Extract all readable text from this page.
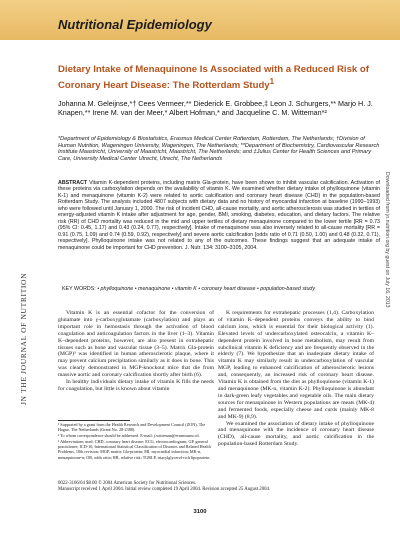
Nutritional Epidemiology
Dietary Intake of Menaquinone Is Associated with a Reduced Risk of Coronary Heart Disease: The Rotterdam Study$^1$
Johanna M. Geleijnse,*† Cees Vermeer,** Diederick E. Grobbee,‡ Leon J. Schurgers,** Marjo H. J. Knapen,** Irene M. van der Meer,* Albert Hofman,* and Jacqueline C. M. Witteman*²
*Department of Epidemiology & Biostatistics, Erasmus Medical Center Rotterdam, Rotterdam, The Netherlands; †Division of Human Nutrition, Wageningen University, Wageningen, The Netherlands; **Department of Biochemistry, Cardiovascular Research Institute Maastricht, University of Maastricht, Maastricht, The Netherlands; and ‡Julius Center for Health Sciences and Primary Care, University Medical Center Utrecht, Utrecht, The Netherlands
ABSTRACT Vitamin K-dependent proteins, including matrix Gla-protein, have been shown to inhibit vascular calcification. Activation of these proteins via carboxylation depends on the availability of vitamin K. We examined whether dietary intake of phylloquinone (vitamin K-1) and menaquinone (vitamin K-2) were related to aortic calcification and coronary heart disease (CHD) in the population-based Rotterdam Study. The analysis included 4807 subjects with dietary data and no history of myocardial infarction at baseline (1990–1993) who were followed until January 1, 2000. The risk of incident CHD, all-cause mortality, and aortic atherosclerosis was studied in tertiles of energy-adjusted vitamin K intake after adjustment for age, gender, BMI, smoking, diabetes, education, and dietary factors. The relative risk (RR) of CHD mortality was reduced in the mid and upper tertiles of dietary menaquinone compared to the lower tertile [RR = 0.73 (95% CI: 0.45, 1.17) and 0.43 (0.24, 0.77), respectively]. Intake of menaquinone was also inversely related to all-cause mortality [RR = 0.91 (0.75, 1.09) and 0.74 (0.59, 0.92), respectively] and severe aortic calcification [odds ratio of 0.71 (0.50, 1.00) and 0.48 (0.32, 0.71), respectively]. Phylloquinone intake was not related to any of the outcomes. These findings suggest that an adequate intake of menaquinone could be important for CHD prevention. J. Nutr. 134: 3100–3105, 2004.
KEY WORDS: • phylloquinone • menaquinone • vitamin K • coronary heart disease • population-based study

Vitamin K is an essential cofactor for the conversion of glutamate into γ-carboxyglutamate (carboxylation) and plays an important role in hemostasis through the activation of blood coagulation and anticoagulation factors in the liver (1–3). Vitamin K–dependent proteins, however, are also present in extrahepatic tissues such as bone and vascular tissue (3–5). Matrix Gla-protein (MGP)³ was identified in human atherosclerotic plaque, where it may prevent calcium precipitation similarly as it does in bone. This was clearly demonstrated in MGP-knockout mice that die from massive aortic and coronary calcification shortly after birth (6).

In healthy individuals dietary intake of vitamin K fills the needs for coagulation, but little is known about vitamin

K requirements for extrahepatic processes (1,4). Carboxylation of vitamin K–dependent proteins conveys the ability to bind calcium ions, which is essential for their biological activity (1). Elevated levels of undercarboxylated osteocalcin, a vitamin K–dependent protein involved in bone metabolism, may result from subclinical vitamin K deficiency and are frequently observed in the elderly (7). We hypothesize that an inadequate dietary intake of vitamin K may similarly result in undercarboxylation of vascular MGP, leading to enhanced calcification of atherosclerotic lesions and, consequently, an increased risk of coronary heart disease. Vitamin K is obtained from the diet as phylloquinone (vitamin K-1) and menaquinone (MK-n, vitamin K-2). Phylloquinone is abundant in dark-green leafy vegetables and vegetable oils. The main dietary sources for menaquinone in Western populations are meats (MK-4) and fermented foods, especially cheese and curds (mainly MK-8 and MK-9) (8,9).

We examined the association of dietary intake of phylloquinone and menaquinone with the incidence of coronary heart disease (CHD), all-cause mortality, and aortic calcification in the population-based Rotterdam Study.

¹ Supported by a grant from the Health Research and Development Council (ZON), The Hague, The Netherlands (Grant No. 28-2388).

² To whom correspondence should be addressed. E-mail: j.witteman@erasmusmc.nl.

³ Abbreviations used: CHD, coronary heart disease; ECG, electrocardiogram; GP, general practitioner; ICD-10, International Statistical Classification of Diseases and Related Health Problems, 10th revision; MGP, matrix Gla-protein; MI, myocardial infarction; MK-n, menaquinone-n; OR, odds ratio; RR, relative risk; TGRLP, triacylglycerol-rich lipoprotein.

0022-3166/04 $8.00 © 2004 American Society for Nutritional Sciences.
Manuscript received 1 April 2004. Initial review completed 19 April 2004. Revision accepted 25 August 2004.
3100
JN THE JOURNAL OF NUTRITION
Downloaded from jn.nutrition.org by guest on July 16, 2013
